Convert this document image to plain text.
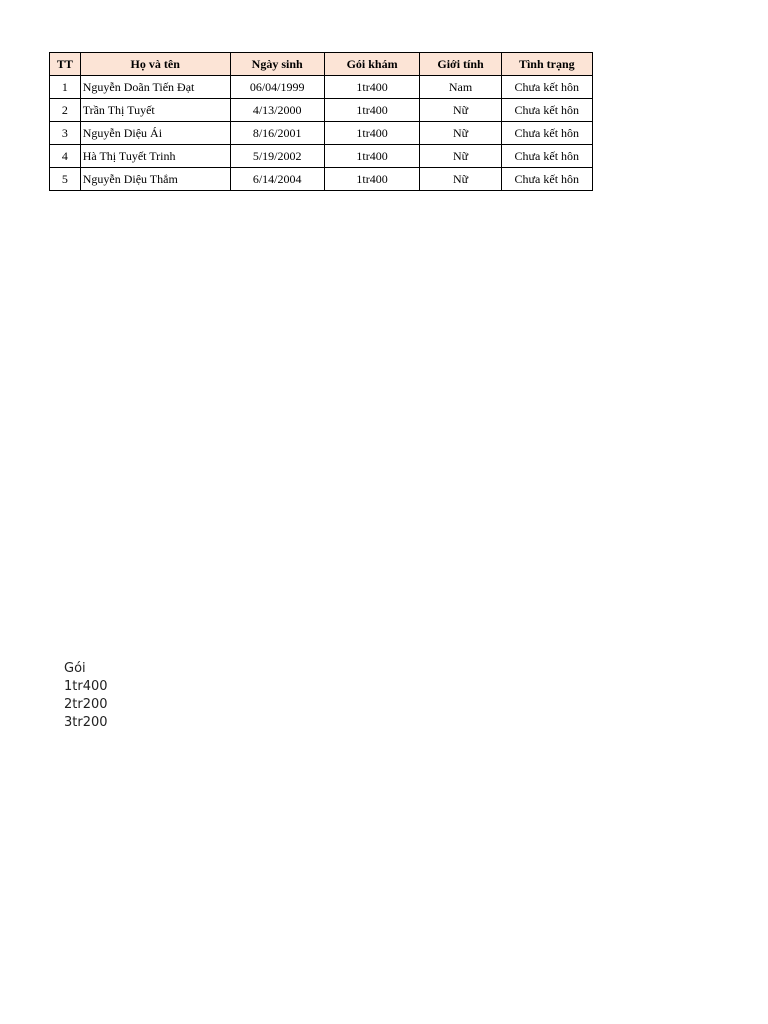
TT	Họ và tên	Ngày sinh	Gói khám	Giới tính	Tình trạng
1	Nguyễn Doãn Tiến Đạt	06/04/1999	1tr400	Nam	Chưa kết hôn
2	Trần Thị Tuyết	4/13/2000	1tr400	Nữ	Chưa kết hôn
3	Nguyễn Diệu Ái	8/16/2001	1tr400	Nữ	Chưa kết hôn
4	Hà Thị Tuyết Trinh	5/19/2002	1tr400	Nữ	Chưa kết hôn
5	Nguyễn Diệu Thắm	6/14/2004	1tr400	Nữ	Chưa kết hôn
Gói
1tr400
2tr200
3tr200
